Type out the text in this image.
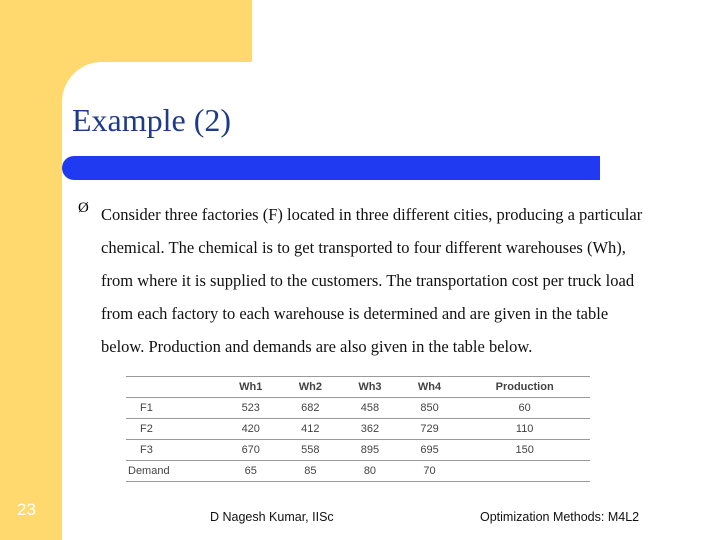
Example (2)
Ø Consider three factories (F) located in three different cities, producing a particular
chemical. The chemical is to get transported to four different warehouses (Wh),
from where it is supplied to the customers. The transportation cost per truck load
from each factory to each warehouse is determined and are given in the table
below. Production and demands are also given in the table below.

	Wh1	Wh2	Wh3	Wh4	Production
F1	523	682	458	850	60
F2	420	412	362	729	110
F3	670	558	895	695	150
Demand	65	85	80	70	
23	D Nagesh Kumar, IISc	Optimization Methods: M4L2
